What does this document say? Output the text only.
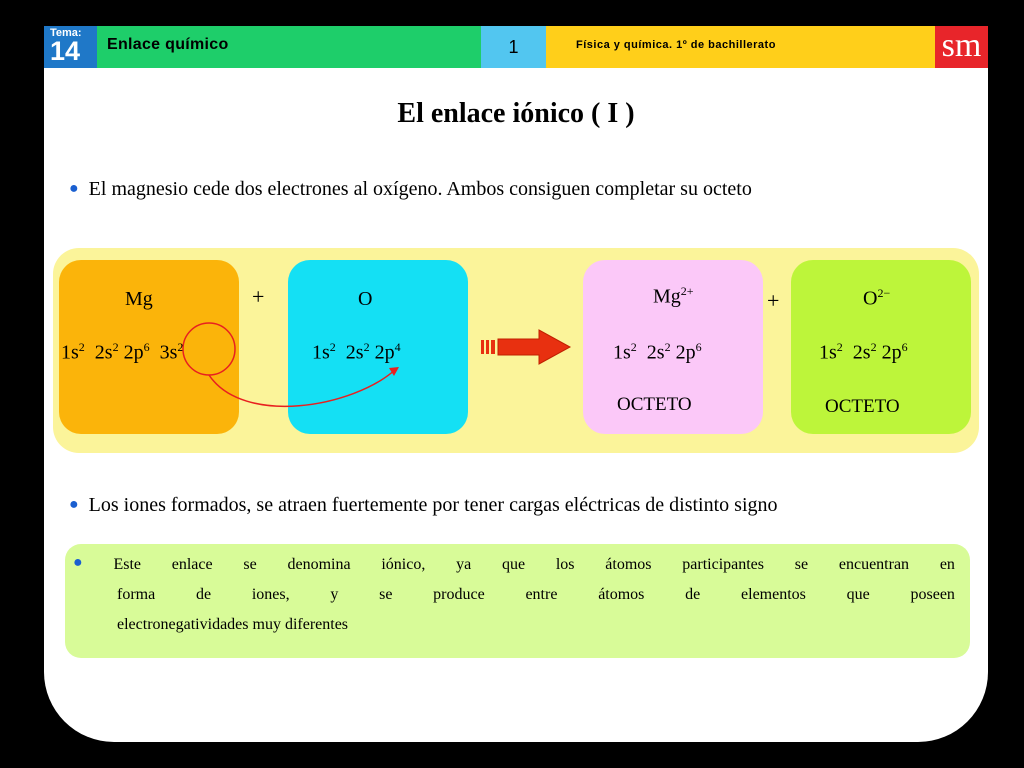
Tema:
14 Enlace químico	1	Física y química. 1º de bachillerato	sm
El enlace iónico ( I )
● El magnesio cede dos electrones al oxígeno. Ambos consiguen completar su octeto
Mg
$1s^2$ $2s^2$ $2p^6$ $3s^2$
+	O
$1s^2$ $2s^2$ $2p^4$
$Mg^{2+}$
$1s^2$ $2s^2$ $2p^6$
OCTETO
+	$O^{2-}$
$1s^2$ $2s^2$ $2p^6$
OCTETO
● Los iones formados, se atraen fuertemente por tener cargas eléctricas de distinto signo
● Este enlace se denomina iónico, ya que los átomos participantes se encuentran en
forma	de	iones,	y	se	produce	entre	átomos	de	elementos	que	poseen
electronegatividades muy diferentes
